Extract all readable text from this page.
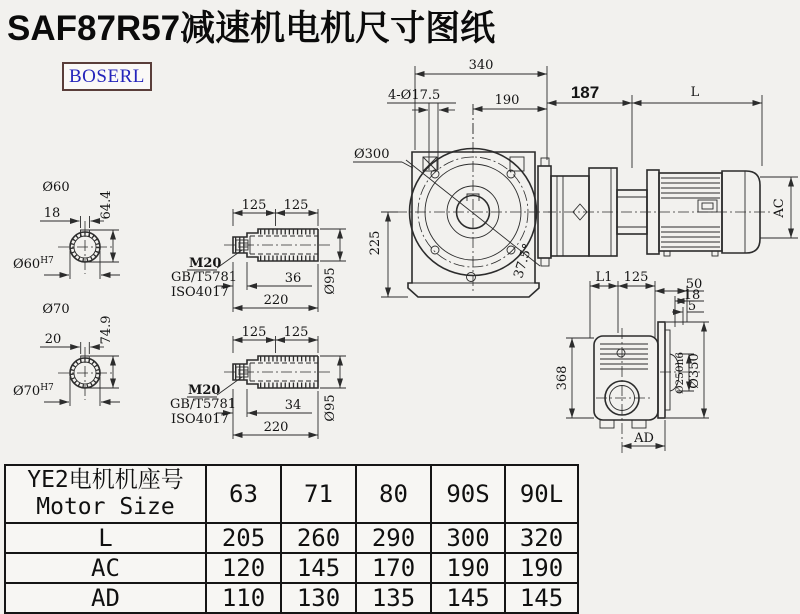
SAF87R57减速机电机尺寸图纸
BOSERL
37.5°
340
190	187	L
4-Ø17.5
Ø300
225
AC
Ø60
18	64.4
$Ø60^{H7}$
Ø70
20	74.9
$Ø70^{H7}$
125 125
M20
GB/T5781
ISO4017
36
220
Ø95
125 125
M20
GB/T5781
ISO4017
34
220
Ø95
L1 125	50
18
5
368	Ø250h6 Ø350
AD
YE2电机机座号
Motor Size	63	71	80	90S	90L
L	205	260	290	300	320
AC	120	145	170	190	190
AD	110	130	135	145	145
